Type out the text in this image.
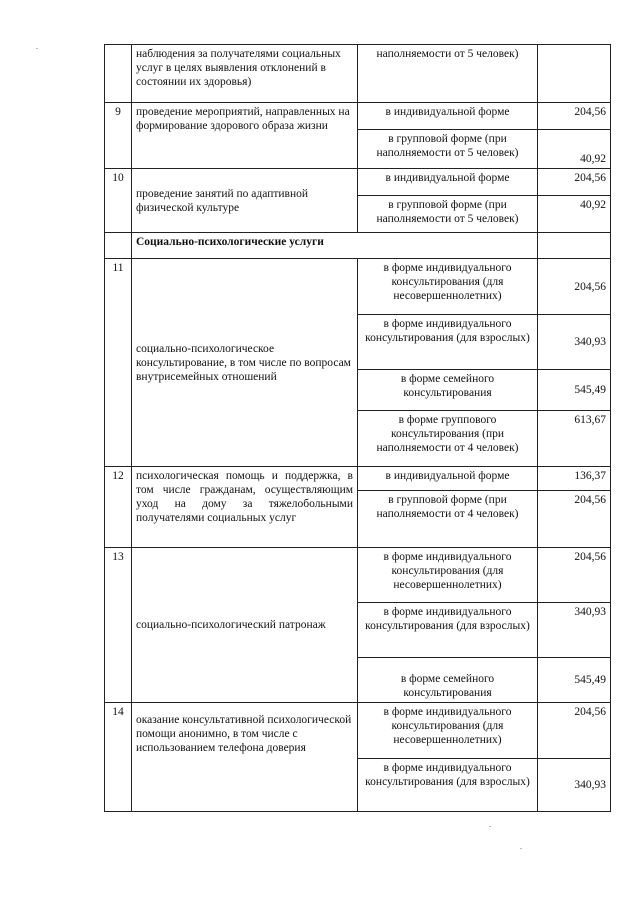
	наблюдения за получателями социальных услуг в целях выявления отклонений в состоянии их здоровья)	наполняемости от 5 человек)	
9	проведение мероприятий, направленных на формирование здорового образа жизни	в индивидуальной форме	204,56
		в групповой форме (при наполняемости от 5 человек)	40,92
10	проведение занятий по адаптивной физической культуре	в индивидуальной форме	204,56
		в групповой форме (при наполняемости от 5 человек)	40,92
	Социально-психологические услуги		
11	социально-психологическое консультирование, в том числе по вопросам внутрисемейных отношений	в форме индивидуального консультирования (для несовершеннолетних)	204,56
		в форме индивидуального консультирования (для взрослых)	340,93
		в форме семейного консультирования	545,49
		в форме группового консультирования (при наполняемости от 4 человек)	613,67
12	психологическая помощь и поддержка, в том числе гражданам, осуществляющим уход на дому за тяжелобольными получателями социальных услуг	в индивидуальной форме	136,37
		в групповой форме (при наполняемости от 4 человек)	204,56
13	социально-психологический патронаж	в форме индивидуального консультирования (для несовершеннолетних)	204,56
		в форме индивидуального консультирования (для взрослых)	340,93
		в форме семейного консультирования	545,49
14	оказание консультативной психологической помощи анонимно, в том числе с использованием телефона доверия	в форме индивидуального консультирования (для несовершеннолетних)	204,56
		в форме индивидуального консультирования (для взрослых)	340,93
